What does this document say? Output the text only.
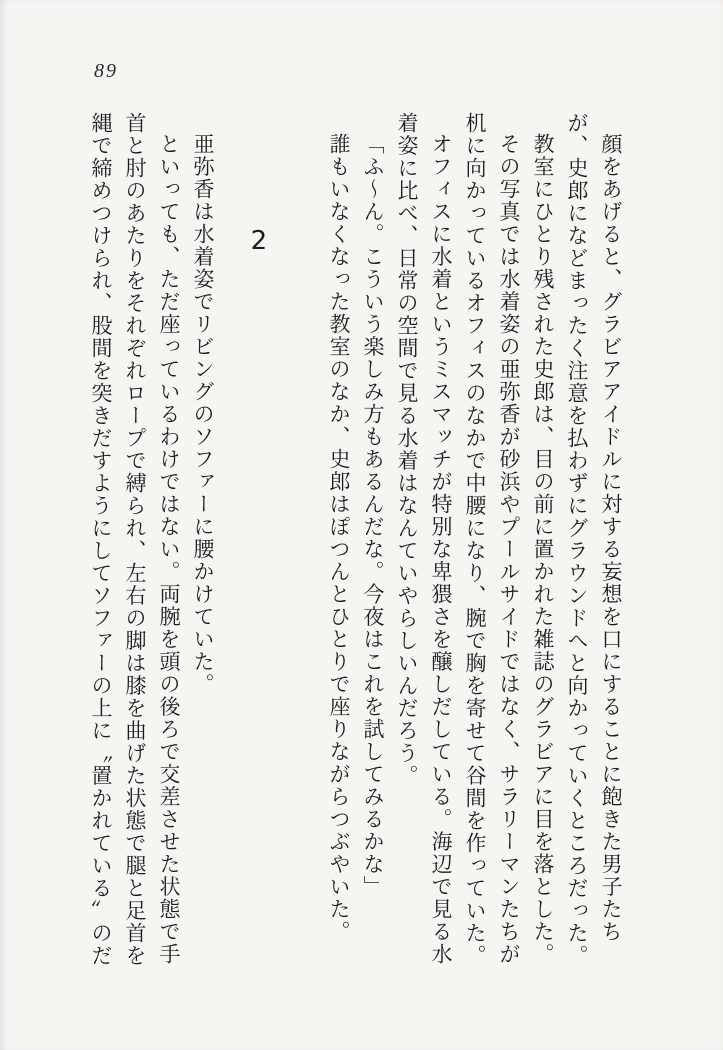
89

顔をあげると、グラビアアイドルに対する妄想を口にすることに飽きた男子たちが、史郎になどまったく注意を払わずにグラウンドへと向かっていくところだった。

教室にひとり残された史郎は、目の前に置かれた雑誌のグラビアに目を落とした。

その写真では水着姿の亜弥香が砂浜やプールサイドではなく、サラリーマンたちが机に向かっているオフィスのなかで中腰になり、腕で胸を寄せて谷間を作っていた。

オフィスに水着というミスマッチが特別な卑猥さを醸しだしている。海辺で見る水着姿に比べ、日常の空間で見る水着はなんていやらしいんだろう。

「ふ～ん。こういう楽しみ方もあるんだな。今夜はこれを試してみるかな」

誰もいなくなった教室のなか、史郎はぽつんとひとりで座りながらつぶやいた。

2

亜弥香は水着姿でリビングのソファーに腰かけていた。

といっても、ただ座っているわけではない。両腕を頭の後ろで交差させた状態で手首と肘のあたりをそれぞれロープで縛られ、左右の脚は膝を曲げた状態で腿と足首を縄で締めつけられ、股間を突きだすようにしてソファーの上に〝置かれている〞のだ
